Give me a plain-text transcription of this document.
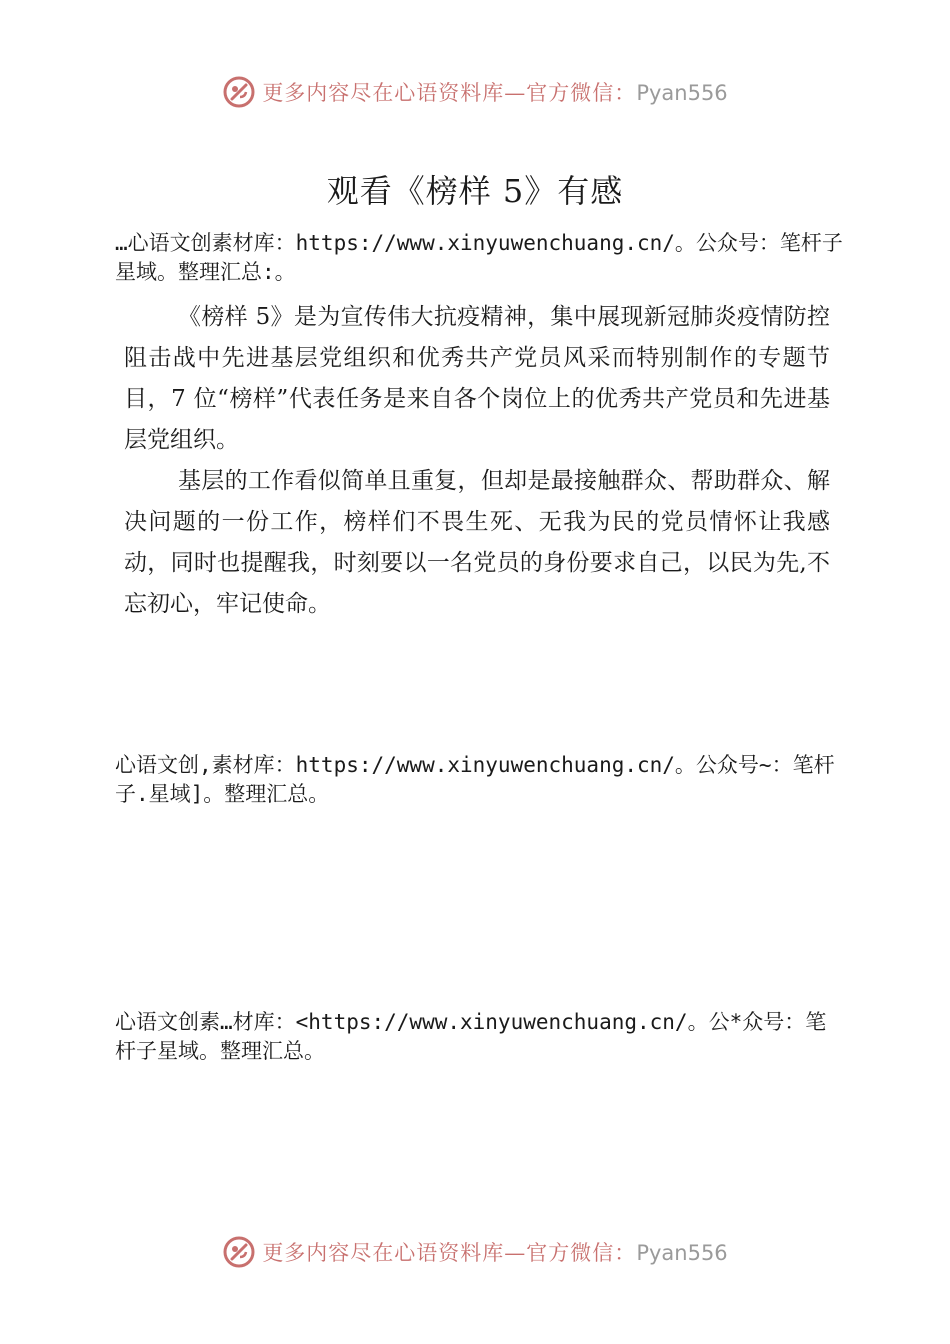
更多内容尽在心语资料库—官方微信：Pyan556
观看《榜样 5》有感

…心语文创素材库：https://www.xinyuwenchuang.cn/。公众号：笔杆子星域。整理汇总:。

《榜样 5》是为宣传伟大抗疫精神，集中展现新冠肺炎疫情防控阻击战中先进基层党组织和优秀共产党员风采而特别制作的专题节目，7 位“榜样”代表任务是来自各个岗位上的优秀共产党员和先进基层党组织。

基层的工作看似简单且重复，但却是最接触群众、帮助群众、解决问题的一份工作，榜样们不畏生死、无我为民的党员情怀让我感动，同时也提醒我，时刻要以一名党员的身份要求自己，以民为先,不忘初心，牢记使命。

心语文创,素材库：https://www.xinyuwenchuang.cn/。公众号~：笔杆子.星域]。整理汇总。

心语文创素…材库：<https://www.xinyuwenchuang.cn/。公*众号：笔杆子星域。整理汇总。

更多内容尽在心语资料库—官方微信：Pyan556
